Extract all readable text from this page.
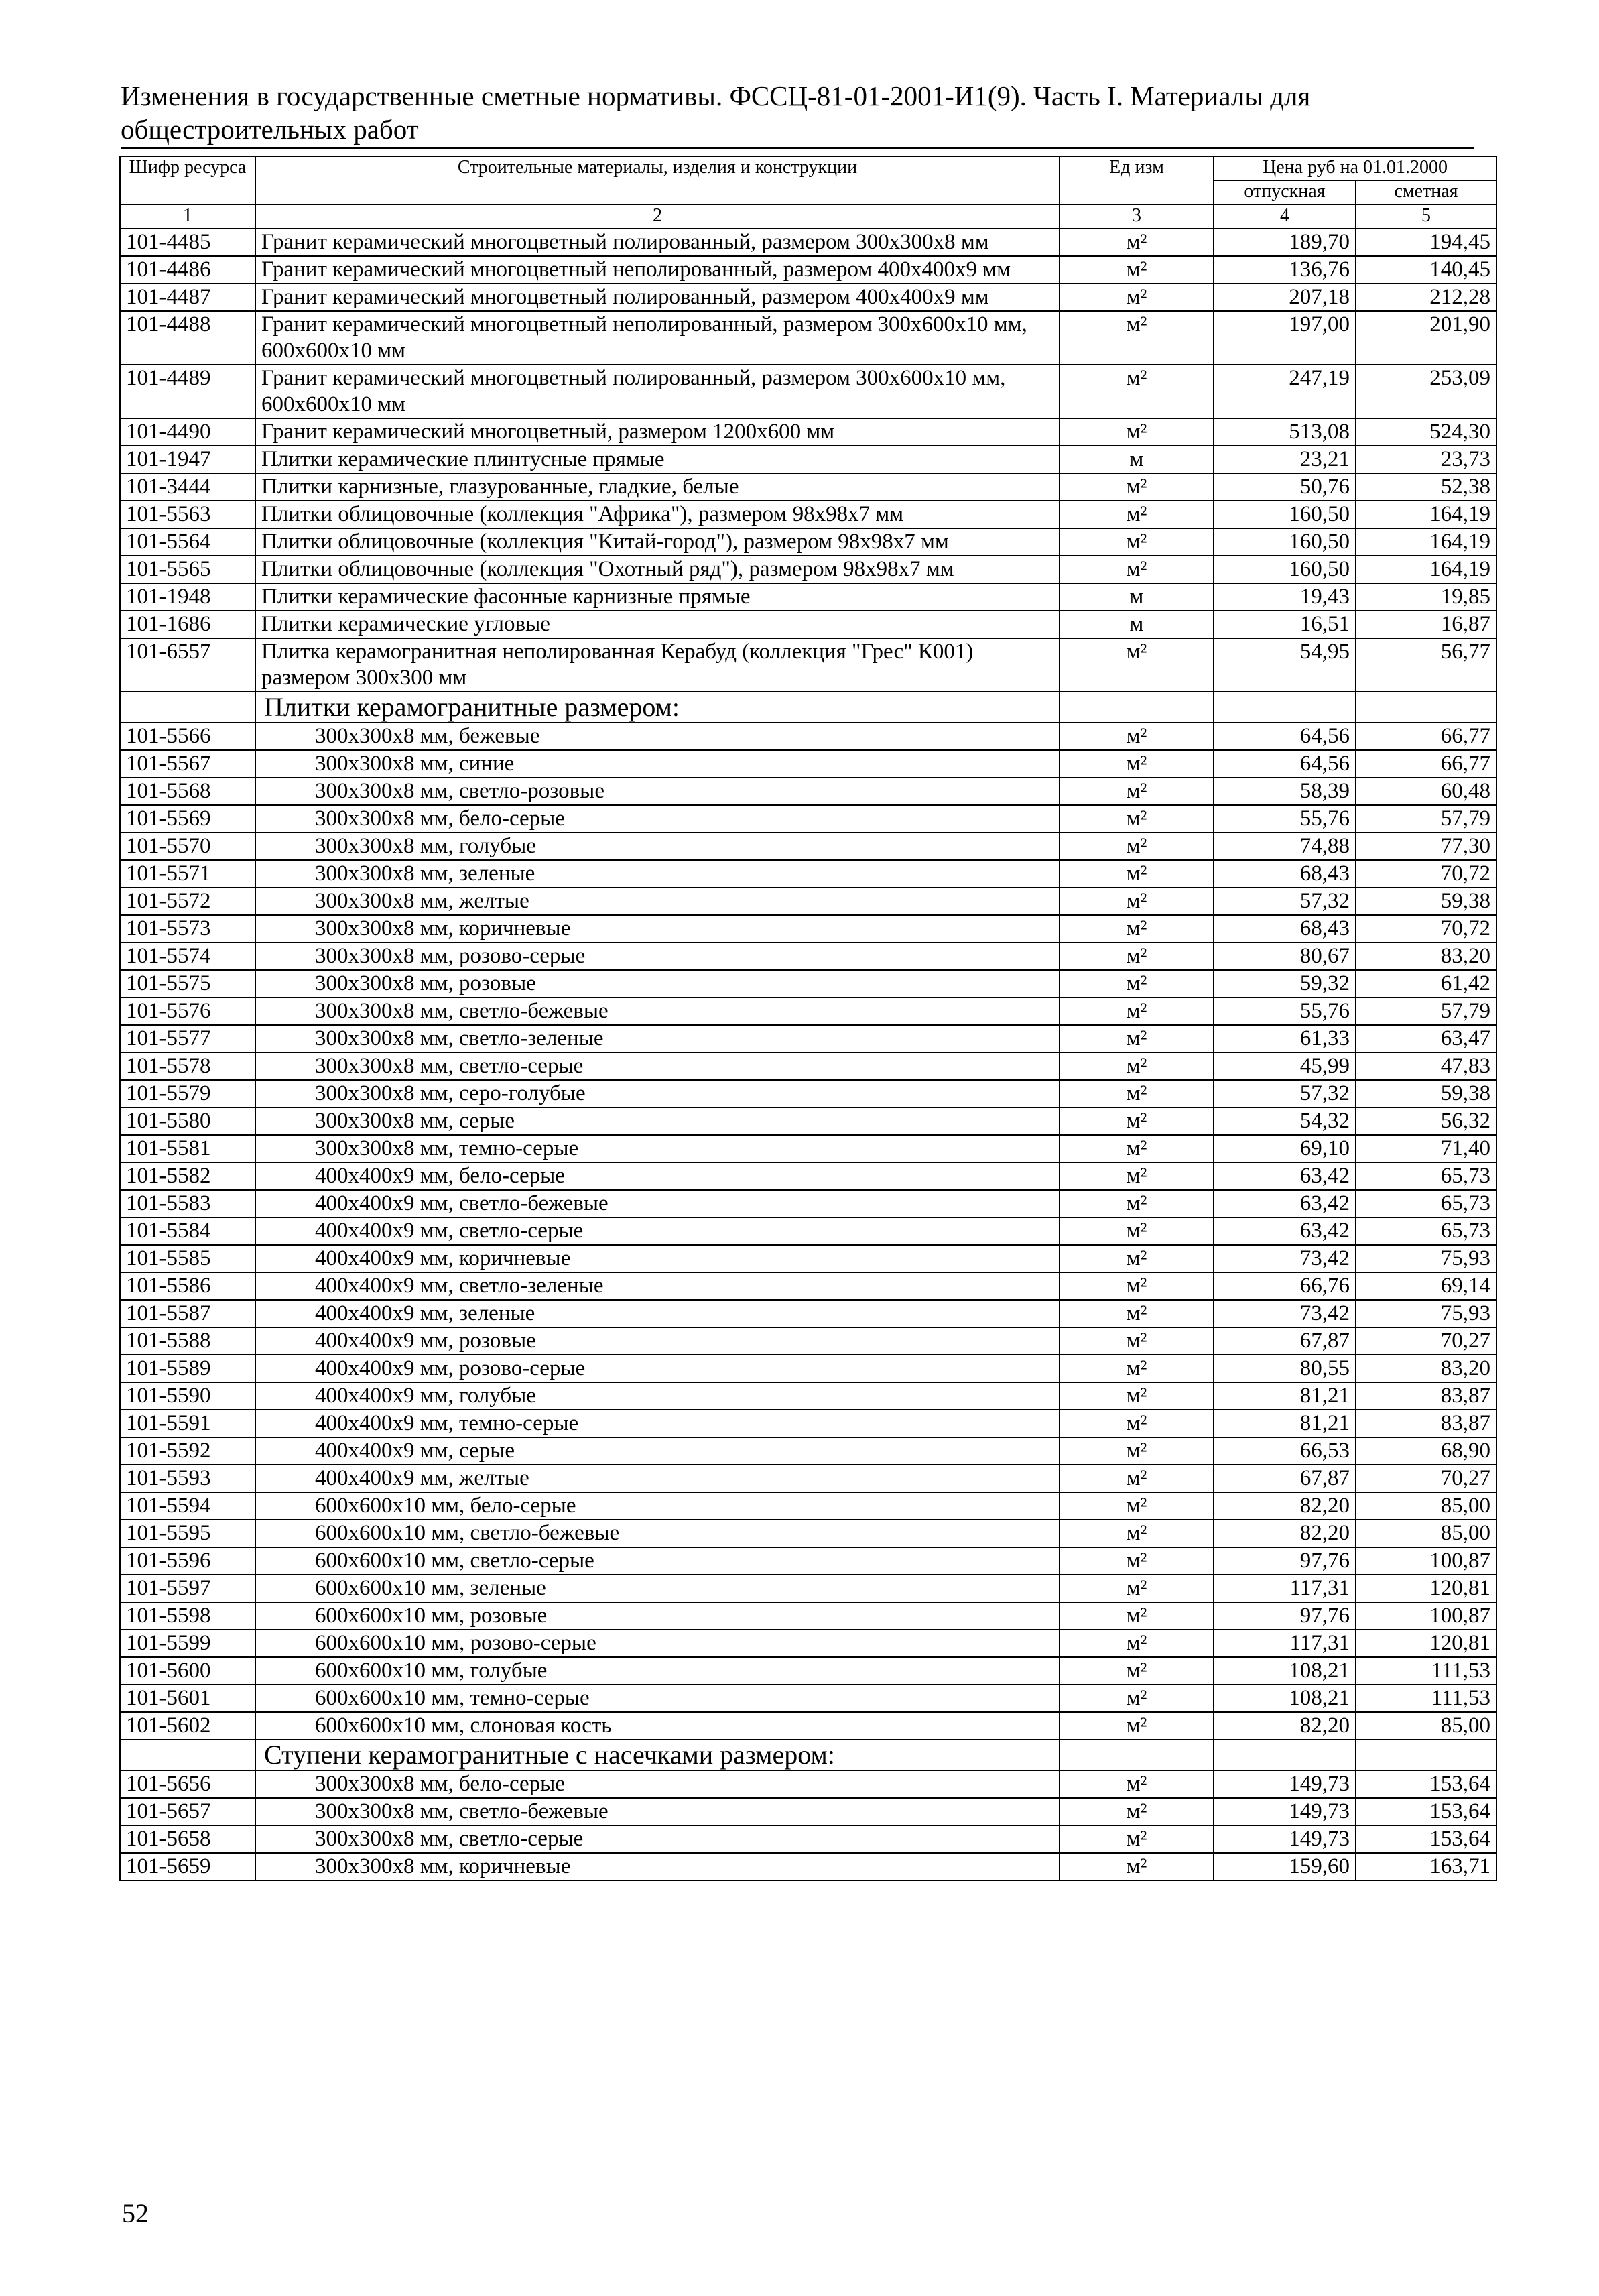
Изменения в государственные сметные нормативы. ФССЦ-81-01-2001-И1(9). Часть I. Материалы для
общестроительных работ
Шифр ресурса	Строительные материалы, изделия и конструкции	Ед изм	Цена руб на 01.01.2000	
			отпускная	сметная
1	2	3	4	5
101-4485	Гранит керамический многоцветный полированный, размером 300х300х8 мм	м²	189,70	194,45
101-4486	Гранит керамический многоцветный неполированный, размером 400х400х9 мм	м²	136,76	140,45
101-4487	Гранит керамический многоцветный полированный, размером 400х400х9 мм	м²	207,18	212,28
101-4488	Гранит керамический многоцветный неполированный, размером 300х600х10 мм, 600х600х10 мм	м²	197,00	201,90
101-4489	Гранит керамический многоцветный полированный, размером 300х600х10 мм, 600х600х10 мм	м²	247,19	253,09
101-4490	Гранит керамический многоцветный, размером 1200х600 мм	м²	513,08	524,30
101-1947	Плитки керамические плинтусные прямые	м	23,21	23,73
101-3444	Плитки карнизные, глазурованные, гладкие, белые	м²	50,76	52,38
101-5563	Плитки облицовочные (коллекция "Африка"), размером 98х98х7 мм	м²	160,50	164,19
101-5564	Плитки облицовочные (коллекция "Китай-город"), размером 98х98х7 мм	м²	160,50	164,19
101-5565	Плитки облицовочные (коллекция "Охотный ряд"), размером 98х98х7 мм	м²	160,50	164,19
101-1948	Плитки керамические фасонные карнизные прямые	м	19,43	19,85
101-1686	Плитки керамические угловые	м	16,51	16,87
101-6557	Плитка керамогранитная неполированная Керабуд (коллекция "Грес" К001) размером 300х300 мм	м²	54,95	56,77
	Плитки керамогранитные размером:			
101-5566	300х300х8 мм, бежевые	м²	64,56	66,77
101-5567	300х300х8 мм, синие	м²	64,56	66,77
101-5568	300х300х8 мм, светло-розовые	м²	58,39	60,48
101-5569	300х300х8 мм, бело-серые	м²	55,76	57,79
101-5570	300х300х8 мм, голубые	м²	74,88	77,30
101-5571	300х300х8 мм, зеленые	м²	68,43	70,72
101-5572	300х300х8 мм, желтые	м²	57,32	59,38
101-5573	300х300х8 мм, коричневые	м²	68,43	70,72
101-5574	300х300х8 мм, розово-серые	м²	80,67	83,20
101-5575	300х300х8 мм, розовые	м²	59,32	61,42
101-5576	300х300х8 мм, светло-бежевые	м²	55,76	57,79
101-5577	300х300х8 мм, светло-зеленые	м²	61,33	63,47
101-5578	300х300х8 мм, светло-серые	м²	45,99	47,83
101-5579	300х300х8 мм, серо-голубые	м²	57,32	59,38
101-5580	300х300х8 мм, серые	м²	54,32	56,32
101-5581	300х300х8 мм, темно-серые	м²	69,10	71,40
101-5582	400х400х9 мм, бело-серые	м²	63,42	65,73
101-5583	400х400х9 мм, светло-бежевые	м²	63,42	65,73
101-5584	400х400х9 мм, светло-серые	м²	63,42	65,73
101-5585	400х400х9 мм, коричневые	м²	73,42	75,93
101-5586	400х400х9 мм, светло-зеленые	м²	66,76	69,14
101-5587	400х400х9 мм, зеленые	м²	73,42	75,93
101-5588	400х400х9 мм, розовые	м²	67,87	70,27
101-5589	400х400х9 мм, розово-серые	м²	80,55	83,20
101-5590	400х400х9 мм, голубые	м²	81,21	83,87
101-5591	400х400х9 мм, темно-серые	м²	81,21	83,87
101-5592	400х400х9 мм, серые	м²	66,53	68,90
101-5593	400х400х9 мм, желтые	м²	67,87	70,27
101-5594	600х600х10 мм, бело-серые	м²	82,20	85,00
101-5595	600х600х10 мм, светло-бежевые	м²	82,20	85,00
101-5596	600х600х10 мм, светло-серые	м²	97,76	100,87
101-5597	600х600х10 мм, зеленые	м²	117,31	120,81
101-5598	600х600х10 мм, розовые	м²	97,76	100,87
101-5599	600х600х10 мм, розово-серые	м²	117,31	120,81
101-5600	600х600х10 мм, голубые	м²	108,21	111,53
101-5601	600х600х10 мм, темно-серые	м²	108,21	111,53
101-5602	600х600х10 мм, слоновая кость	м²	82,20	85,00
	Ступени керамогранитные с насечками размером:			
101-5656	300х300х8 мм, бело-серые	м²	149,73	153,64
101-5657	300х300х8 мм, светло-бежевые	м²	149,73	153,64
101-5658	300х300х8 мм, светло-серые	м²	149,73	153,64
101-5659	300х300х8 мм, коричневые	м²	159,60	163,71
52
